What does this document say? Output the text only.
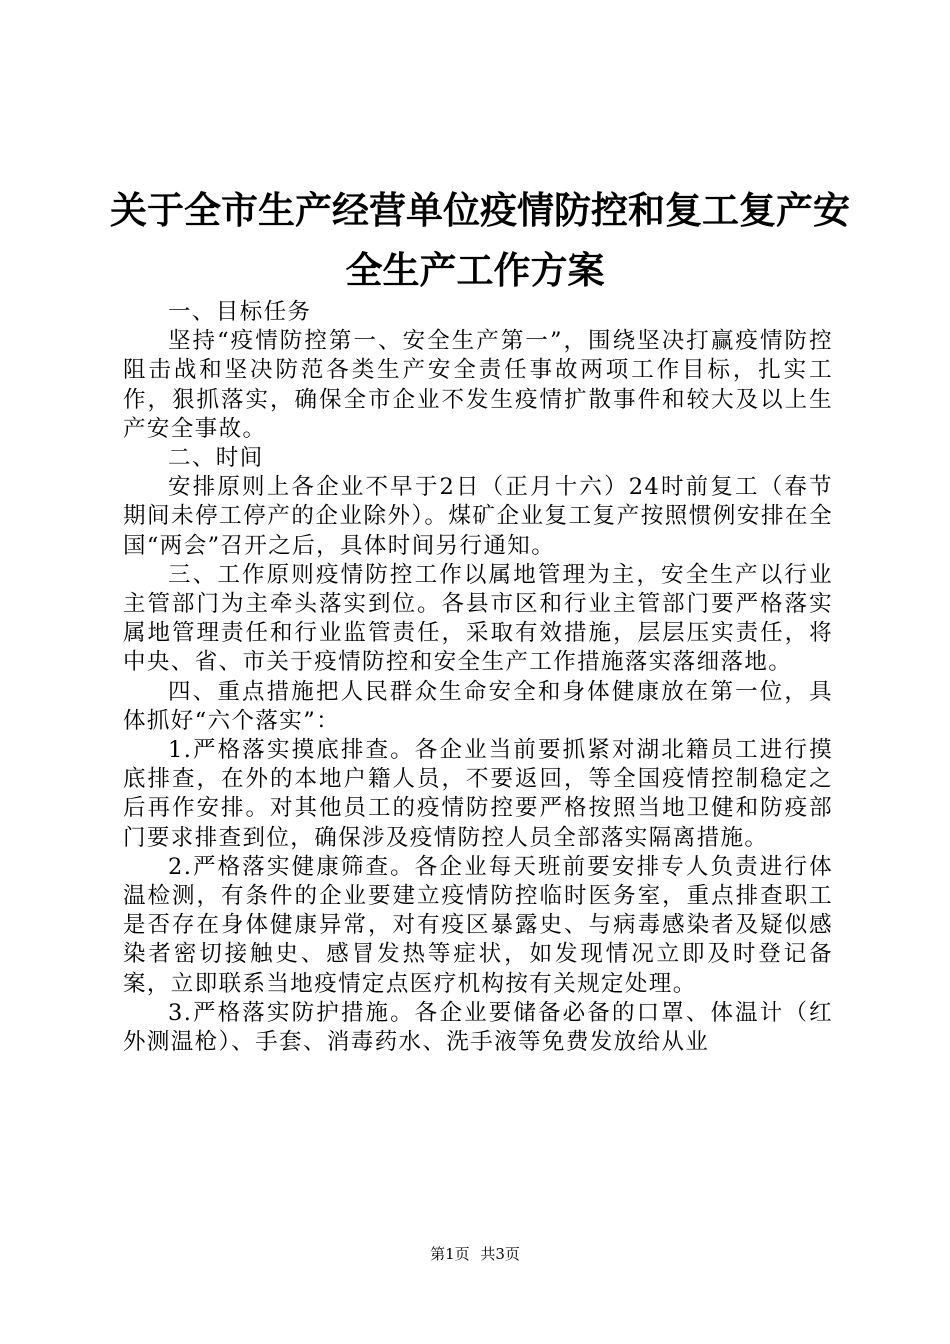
关于全市生产经营单位疫情防控和复工复产安
全生产工作方案

一、目标任务

坚持“疫情防控第一、安全生产第一”，围绕坚决打赢疫情防控阻击战和坚决防范各类生产安全责任事故两项工作目标，扎实工作，狠抓落实，确保全市企业不发生疫情扩散事件和较大及以上生产安全事故。

二、时间

安排原则上各企业不早于2日（正月十六）24时前复工（春节期间未停工停产的企业除外）。煤矿企业复工复产按照惯例安排在全国“两会”召开之后，具体时间另行通知。

三、工作原则疫情防控工作以属地管理为主，安全生产以行业主管部门为主牵头落实到位。各县市区和行业主管部门要严格落实属地管理责任和行业监管责任，采取有效措施，层层压实责任，将中央、省、市关于疫情防控和安全生产工作措施落实落细落地。

四、重点措施把人民群众生命安全和身体健康放在第一位，具体抓好“六个落实”：

1.严格落实摸底排查。各企业当前要抓紧对湖北籍员工进行摸底排查，在外的本地户籍人员，不要返回，等全国疫情控制稳定之后再作安排。对其他员工的疫情防控要严格按照当地卫健和防疫部门要求排查到位，确保涉及疫情防控人员全部落实隔离措施。

2.严格落实健康筛查。各企业每天班前要安排专人负责进行体温检测，有条件的企业要建立疫情防控临时医务室，重点排查职工是否存在身体健康异常，对有疫区暴露史、与病毒感染者及疑似感染者密切接触史、感冒发热等症状，如发现情况立即及时登记备案，立即联系当地疫情定点医疗机构按有关规定处理。

3.严格落实防护措施。各企业要储备必备的口罩、体温计（红外测温枪）、手套、消毒药水、洗手液等免费发放给从业

第1页 共3页
